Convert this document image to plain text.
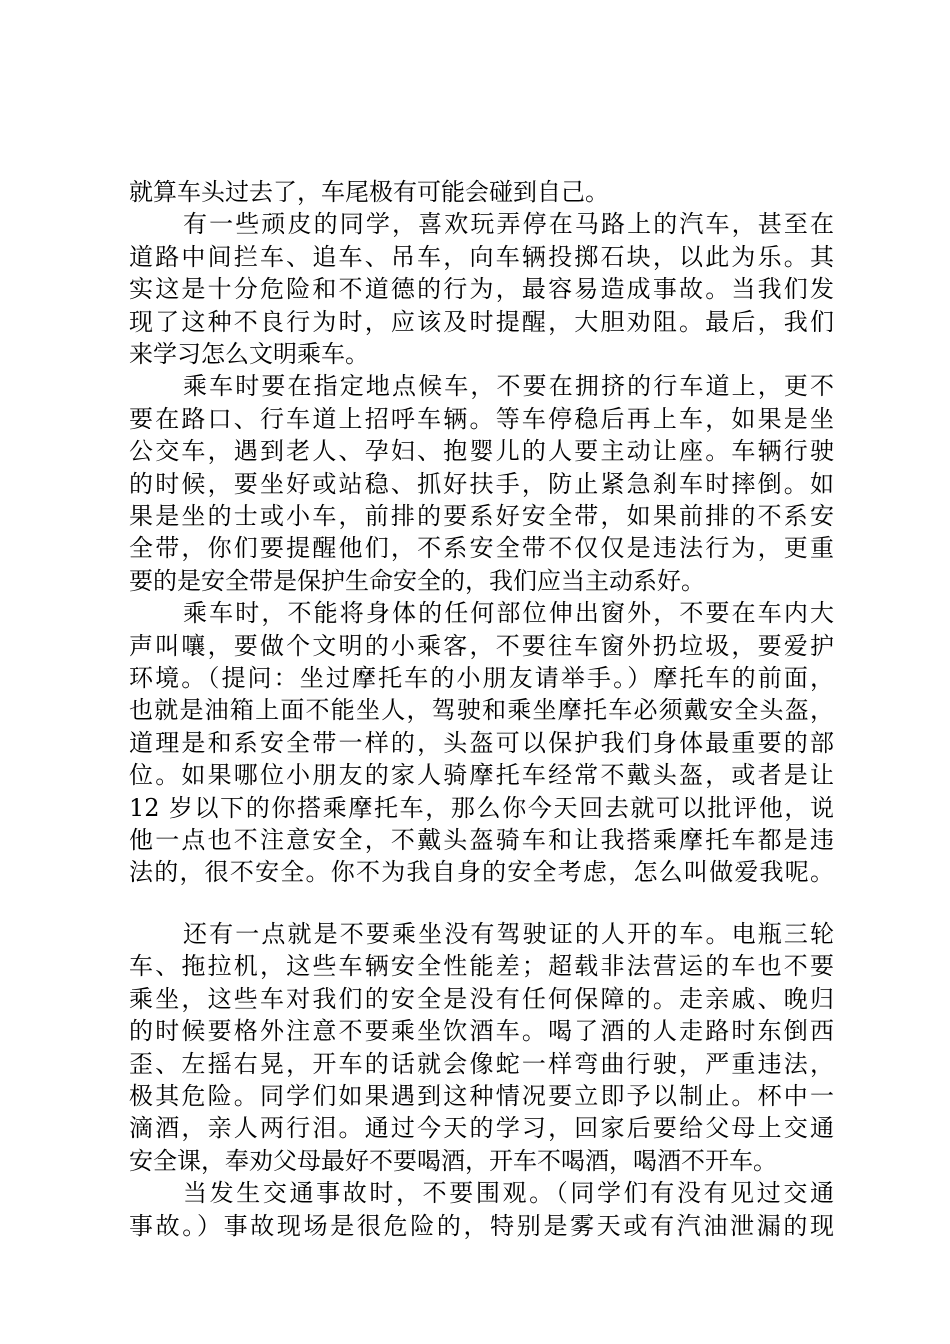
就算车头过去了，车尾极有可能会碰到自己。
有一些顽皮的同学，喜欢玩弄停在马路上的汽车，甚至在
道路中间拦车、追车、吊车，向车辆投掷石块，以此为乐。其
实这是十分危险和不道德的行为，最容易造成事故。当我们发
现了这种不良行为时，应该及时提醒，大胆劝阻。最后，我们
来学习怎么文明乘车。
乘车时要在指定地点候车，不要在拥挤的行车道上，更不
要在路口、行车道上招呼车辆。等车停稳后再上车，如果是坐
公交车，遇到老人、孕妇、抱婴儿的人要主动让座。车辆行驶
的时候，要坐好或站稳、抓好扶手，防止紧急刹车时摔倒。如
果是坐的士或小车，前排的要系好安全带，如果前排的不系安
全带，你们要提醒他们，不系安全带不仅仅是违法行为，更重
要的是安全带是保护生命安全的，我们应当主动系好。
乘车时，不能将身体的任何部位伸出窗外，不要在车内大
声叫嚷，要做个文明的小乘客，不要往车窗外扔垃圾，要爱护
环境。（提问：坐过摩托车的小朋友请举手。）摩托车的前面，
也就是油箱上面不能坐人，驾驶和乘坐摩托车必须戴安全头盔，
道理是和系安全带一样的，头盔可以保护我们身体最重要的部
位。如果哪位小朋友的家人骑摩托车经常不戴头盔，或者是让
12 岁以下的你搭乘摩托车，那么你今天回去就可以批评他，说
他一点也不注意安全，不戴头盔骑车和让我搭乘摩托车都是违
法的，很不安全。你不为我自身的安全考虑，怎么叫做爱我呢。
还有一点就是不要乘坐没有驾驶证的人开的车。电瓶三轮
车、拖拉机，这些车辆安全性能差；超载非法营运的车也不要
乘坐，这些车对我们的安全是没有任何保障的。走亲戚、晚归
的时候要格外注意不要乘坐饮酒车。喝了酒的人走路时东倒西
歪、左摇右晃，开车的话就会像蛇一样弯曲行驶，严重违法，
极其危险。同学们如果遇到这种情况要立即予以制止。杯中一
滴酒，亲人两行泪。通过今天的学习，回家后要给父母上交通
安全课，奉劝父母最好不要喝酒，开车不喝酒，喝酒不开车。
当发生交通事故时，不要围观。（同学们有没有见过交通
事故。）事故现场是很危险的，特别是雾天或有汽油泄漏的现
